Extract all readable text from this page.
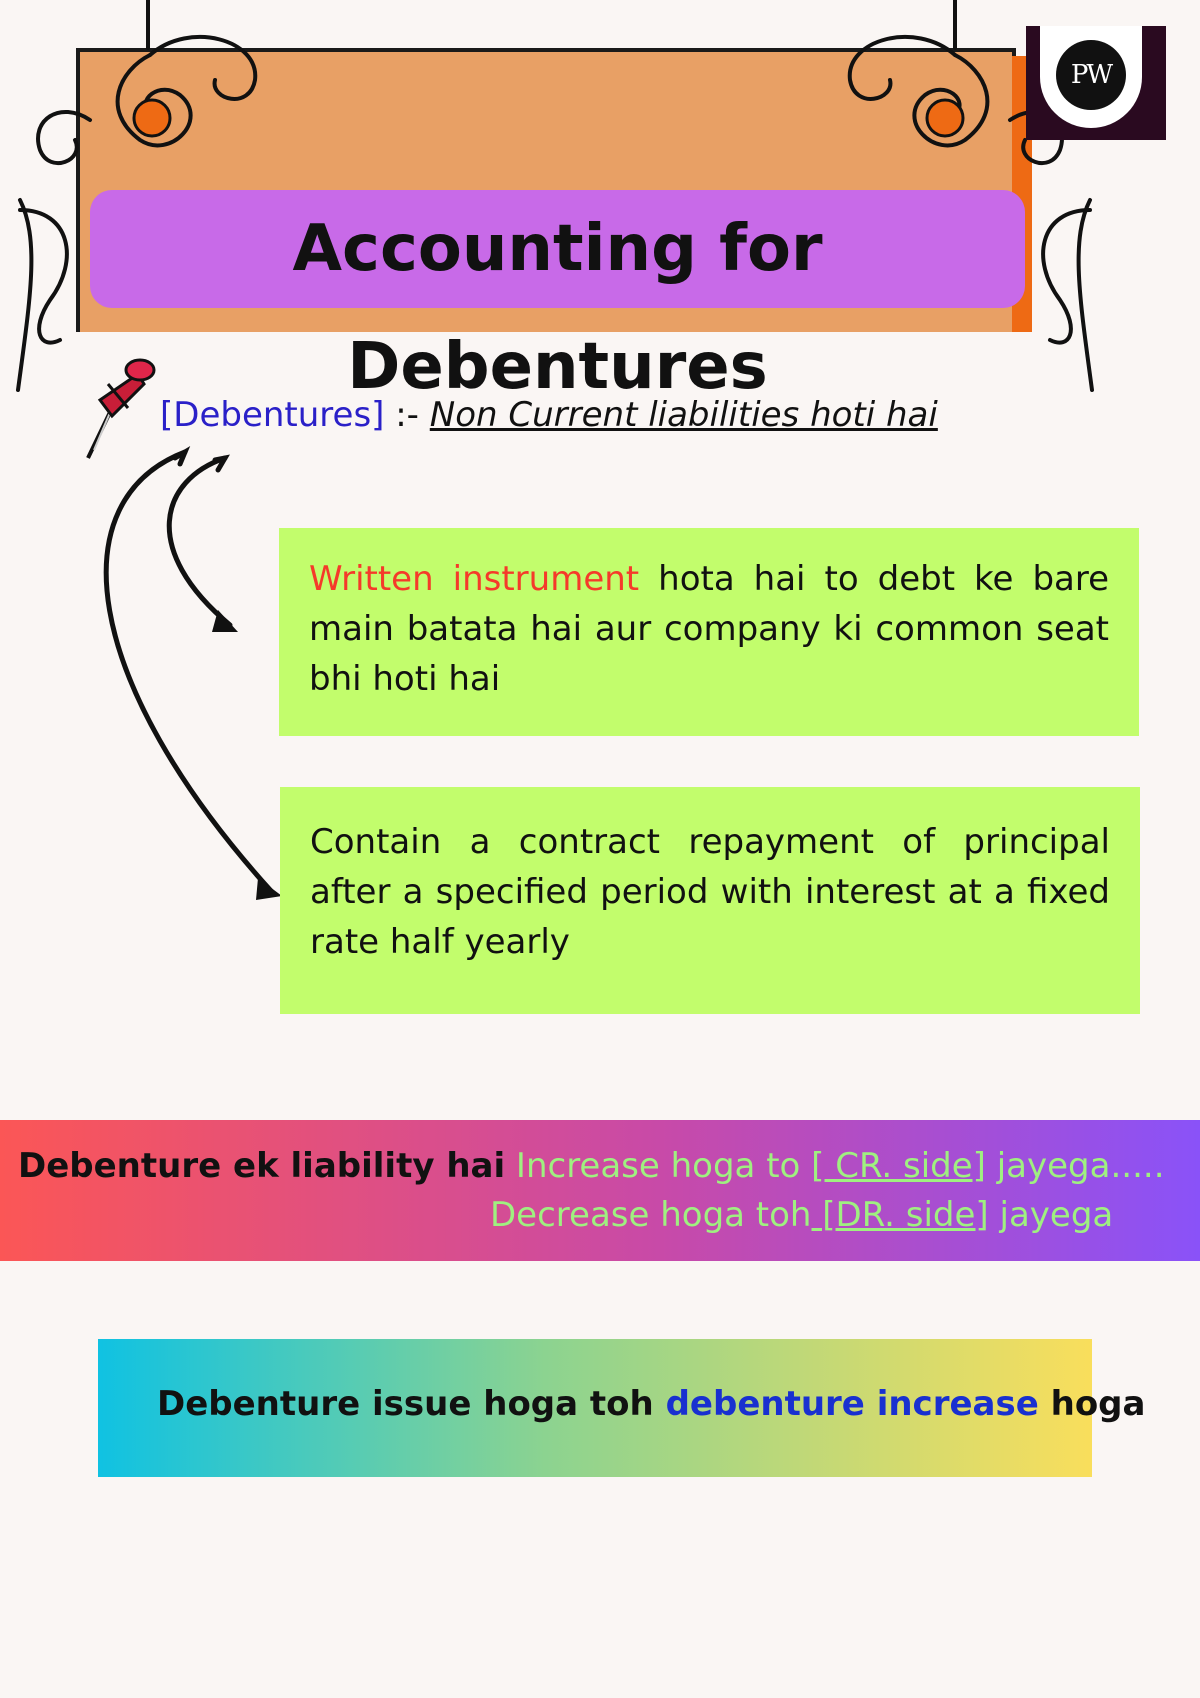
Accounting for Debentures
PW
[Debentures] :- Non Current liabilities hoti hai
Written instrument hota hai to debt ke bare main batata hai aur company ki common seat bhi hoti hai
Contain a contract repayment of principal after a specified period with interest at a fixed rate half yearly
Debenture ek liability hai Increase hoga to [ CR. side] jayega.....
Decrease hoga toh [DR. side] jayega
Debenture issue hoga toh debenture increase hoga
